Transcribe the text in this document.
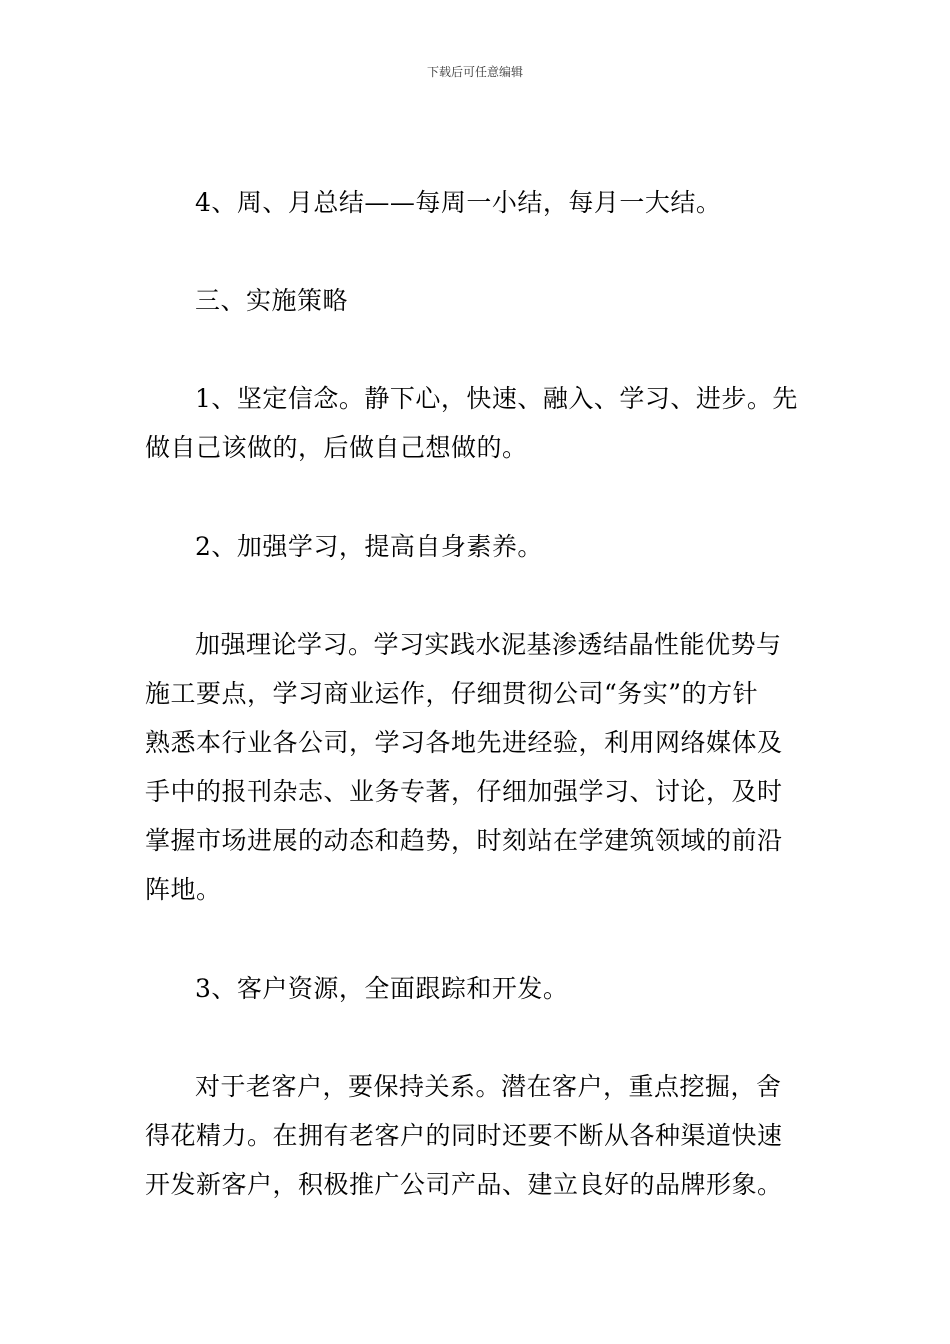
下载后可任意编辑
4、周、月总结——每周一小结，每月一大结。
三、实施策略
1、坚定信念。静下心，快速、融入、学习、进步。先
做自己该做的，后做自己想做的。
2、加强学习，提高自身素养。
加强理论学习。学习实践水泥基渗透结晶性能优势与
施工要点，学习商业运作，仔细贯彻公司“务实”的方针
熟悉本行业各公司，学习各地先进经验，利用网络媒体及
手中的报刊杂志、业务专著，仔细加强学习、讨论，及时
掌握市场进展的动态和趋势，时刻站在学建筑领域的前沿
阵地。
3、客户资源，全面跟踪和开发。
对于老客户，要保持关系。潜在客户，重点挖掘，舍
得花精力。在拥有老客户的同时还要不断从各种渠道快速
开发新客户，积极推广公司产品、建立良好的品牌形象。
